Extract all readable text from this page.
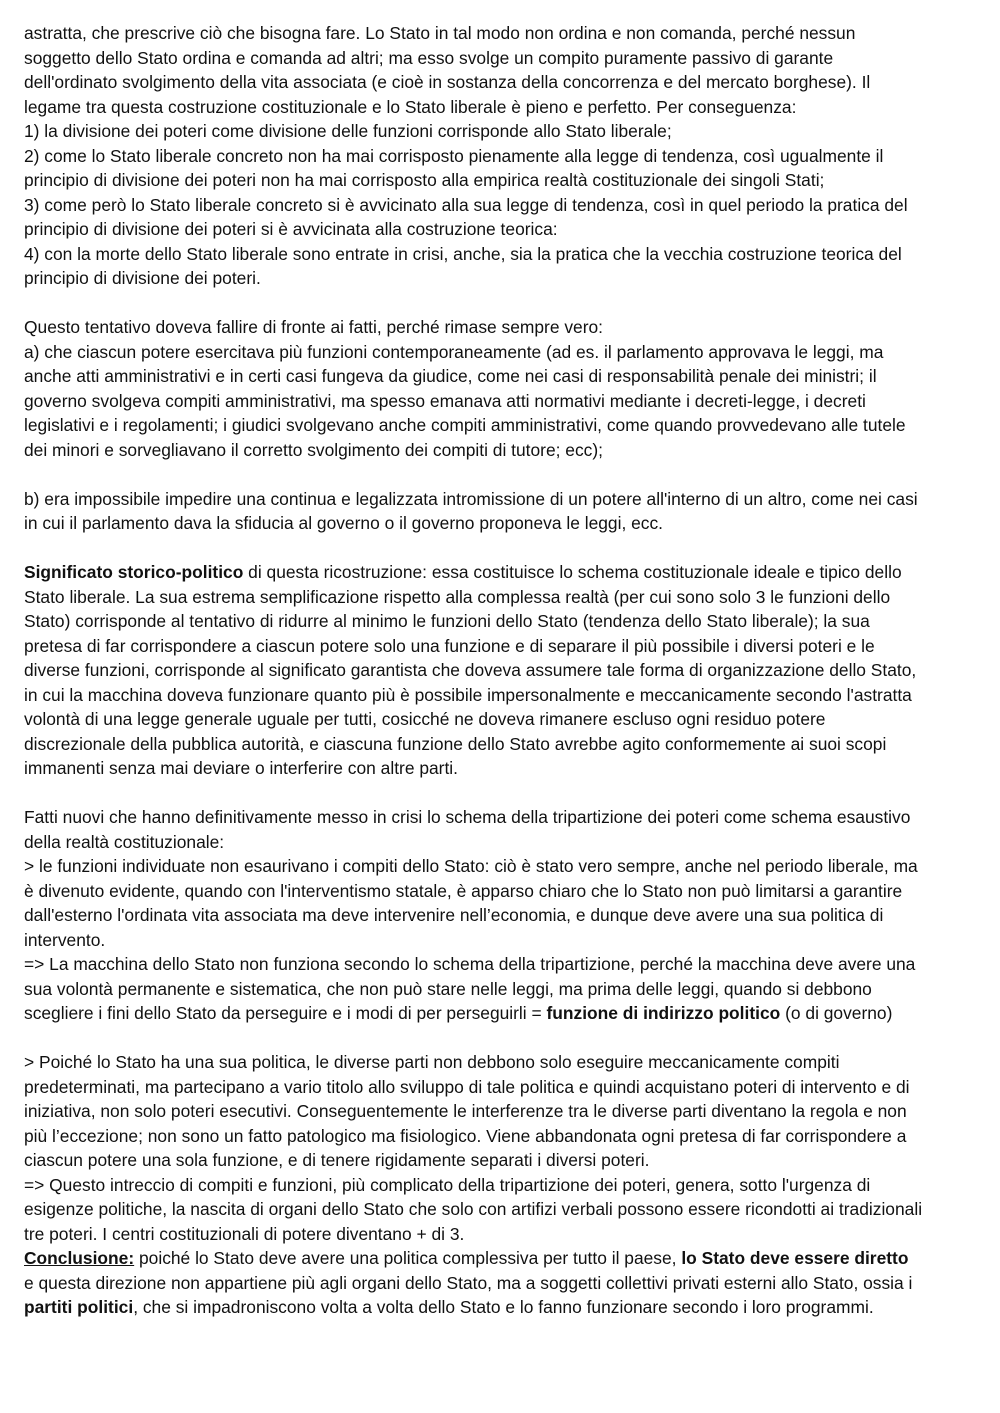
astratta, che prescrive ciò che bisogna fare. Lo Stato in tal modo non ordina e non comanda, perché nessun
soggetto dello Stato ordina e comanda ad altri; ma esso svolge un compito puramente passivo di garante
dell'ordinato svolgimento della vita associata (e cioè in sostanza della concorrenza e del mercato borghese). Il
legame tra questa costruzione costituzionale e lo Stato liberale è pieno e perfetto. Per conseguenza:
1) la divisione dei poteri come divisione delle funzioni corrisponde allo Stato liberale;
2) come lo Stato liberale concreto non ha mai corrisposto pienamente alla legge di tendenza, così ugualmente il
principio di divisione dei poteri non ha mai corrisposto alla empirica realtà costituzionale dei singoli Stati;
3) come però lo Stato liberale concreto si è avvicinato alla sua legge di tendenza, così in quel periodo la pratica del
principio di divisione dei poteri si è avvicinata alla costruzione teorica:
4) con la morte dello Stato liberale sono entrate in crisi, anche, sia la pratica che la vecchia costruzione teorica del
principio di divisione dei poteri.
Questo tentativo doveva fallire di fronte ai fatti, perché rimase sempre vero:
a) che ciascun potere esercitava più funzioni contemporaneamente (ad es. il parlamento approvava le leggi, ma
anche atti amministrativi e in certi casi fungeva da giudice, come nei casi di responsabilità penale dei ministri; il
governo svolgeva compiti amministrativi, ma spesso emanava atti normativi mediante i decreti-legge, i decreti
legislativi e i regolamenti; i giudici svolgevano anche compiti amministrativi, come quando provvedevano alle tutele
dei minori e sorvegliavano il corretto svolgimento dei compiti di tutore; ecc);
b) era impossibile impedire una continua e legalizzata intromissione di un potere all'interno di un altro, come nei casi
in cui il parlamento dava la sfiducia al governo o il governo proponeva le leggi, ecc.
Significato storico-politico di questa ricostruzione: essa costituisce lo schema costituzionale ideale e tipico dello
Stato liberale. La sua estrema semplificazione rispetto alla complessa realtà (per cui sono solo 3 le funzioni dello
Stato) corrisponde al tentativo di ridurre al minimo le funzioni dello Stato (tendenza dello Stato liberale); la sua
pretesa di far corrispondere a ciascun potere solo una funzione e di separare il più possibile i diversi poteri e le
diverse funzioni, corrisponde al significato garantista che doveva assumere tale forma di organizzazione dello Stato,
in cui la macchina doveva funzionare quanto più è possibile impersonalmente e meccanicamente secondo l'astratta
volontà di una legge generale uguale per tutti, cosicché ne doveva rimanere escluso ogni residuo potere
discrezionale della pubblica autorità, e ciascuna funzione dello Stato avrebbe agito conformemente ai suoi scopi
immanenti senza mai deviare o interferire con altre parti.
Fatti nuovi che hanno definitivamente messo in crisi lo schema della tripartizione dei poteri come schema esaustivo
della realtà costituzionale:
> le funzioni individuate non esaurivano i compiti dello Stato: ciò è stato vero sempre, anche nel periodo liberale, ma
è divenuto evidente, quando con l'interventismo statale, è apparso chiaro che lo Stato non può limitarsi a garantire
dall'esterno l'ordinata vita associata ma deve intervenire nell’economia, e dunque deve avere una sua politica di
intervento.
=> La macchina dello Stato non funziona secondo lo schema della tripartizione, perché la macchina deve avere una
sua volontà permanente e sistematica, che non può stare nelle leggi, ma prima delle leggi, quando si debbono
scegliere i fini dello Stato da perseguire e i modi di per perseguirli = funzione di indirizzo politico (o di governo)
> Poiché lo Stato ha una sua politica, le diverse parti non debbono solo eseguire meccanicamente compiti
predeterminati, ma partecipano a vario titolo allo sviluppo di tale politica e quindi acquistano poteri di intervento e di
iniziativa, non solo poteri esecutivi. Conseguentemente le interferenze tra le diverse parti diventano la regola e non
più l’eccezione; non sono un fatto patologico ma fisiologico. Viene abbandonata ogni pretesa di far corrispondere a
ciascun potere una sola funzione, e di tenere rigidamente separati i diversi poteri.
=> Questo intreccio di compiti e funzioni, più complicato della tripartizione dei poteri, genera, sotto l'urgenza di
esigenze politiche, la nascita di organi dello Stato che solo con artifizi verbali possono essere ricondotti ai tradizionali
tre poteri. I centri costituzionali di potere diventano + di 3.
Conclusione: poiché lo Stato deve avere una politica complessiva per tutto il paese, lo Stato deve essere diretto
e questa direzione non appartiene più agli organi dello Stato, ma a soggetti collettivi privati esterni allo Stato, ossia i
partiti politici, che si impadroniscono volta a volta dello Stato e lo fanno funzionare secondo i loro programmi.
